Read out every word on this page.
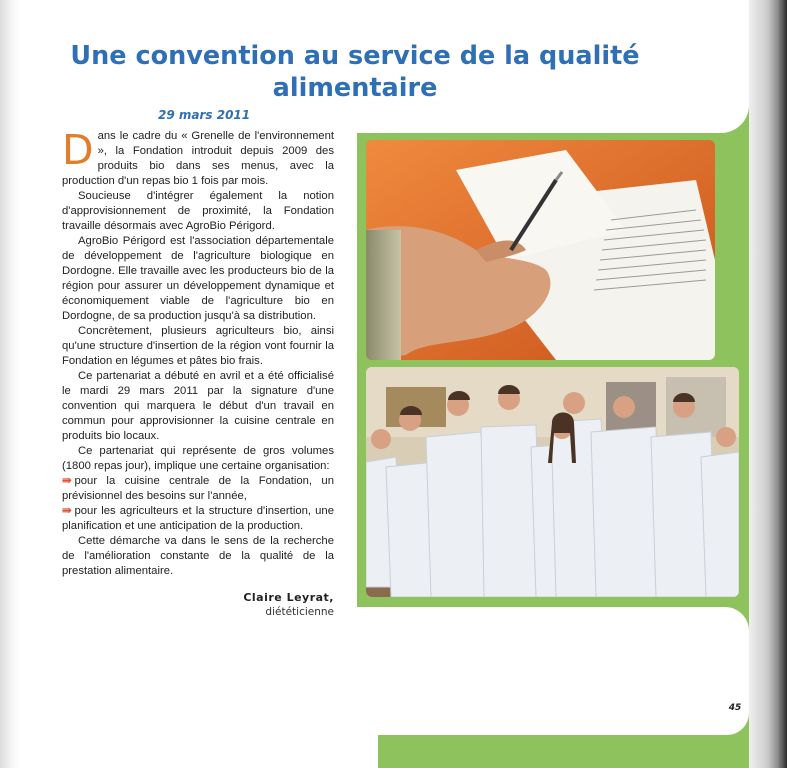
Une convention au service de la qualité alimentaire
29 mars 2011

Dans le cadre du « Grenelle de l'environnement », la Fondation introduit depuis 2009 des produits bio dans ses menus, avec la production d'un repas bio 1 fois par mois.

Soucieuse d'intégrer également la notion d'approvisionnement de proximité, la Fondation travaille désormais avec AgroBio Périgord.

AgroBio Périgord est l'association départementale de développement de l'agriculture biologique en Dordogne. Elle travaille avec les producteurs bio de la région pour assurer un développement dynamique et économiquement viable de l'agriculture bio en Dordogne, de sa production jusqu'à sa distribution.

Concrètement, plusieurs agriculteurs bio, ainsi qu'une structure d'insertion de la région vont fournir la Fondation en légumes et pâtes bio frais.

Ce partenariat a débuté en avril et a été officialisé le mardi 29 mars 2011 par la signature d'une convention qui marquera le début d'un travail en commun pour approvisionner la cuisine centrale en produits bio locaux.

Ce partenariat qui représente de gros volumes (1800 repas jour), implique une certaine organisation:

⇛ pour la cuisine centrale de la Fondation, un prévisionnel des besoins sur l'année,

⇛ pour les agriculteurs et la structure d'insertion, une planification et une anticipation de la production.

Cette démarche va dans le sens de la recherche de l'amélioration constante de la qualité de la prestation alimentaire.

Claire Leyrat,
diététicienne
45
